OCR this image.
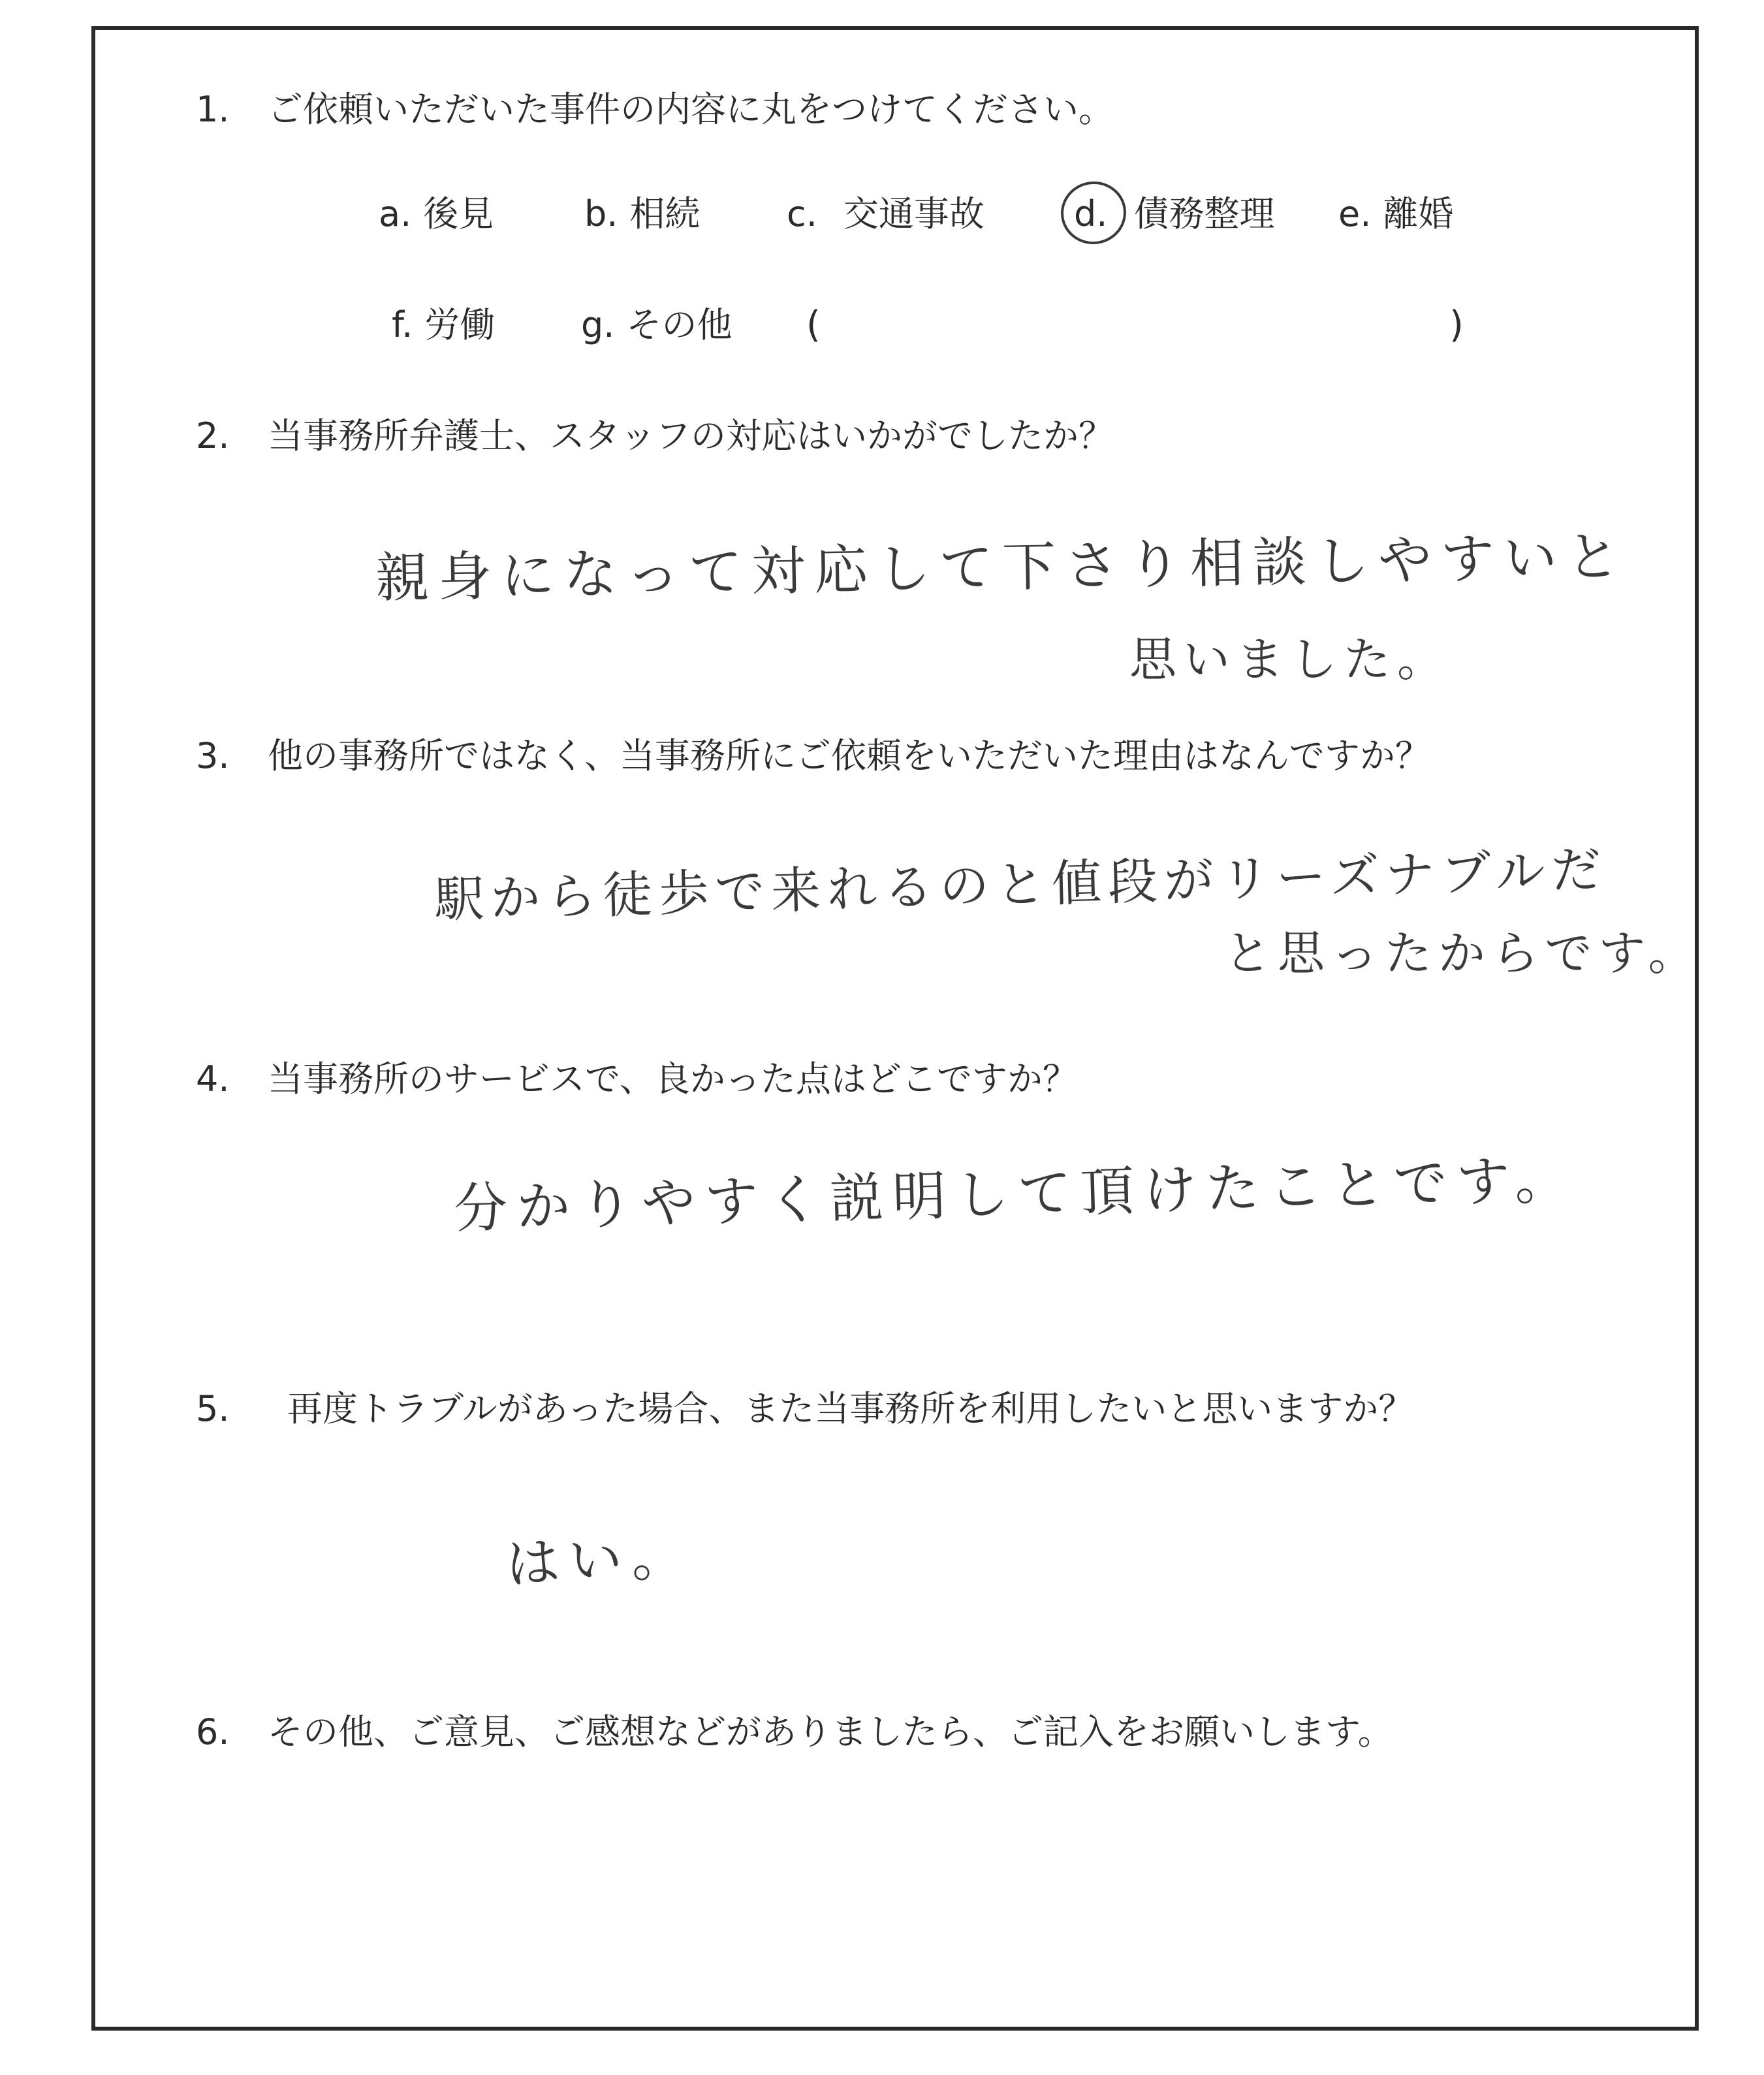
1. ご依頼いただいた事件の内容に丸をつけてください。
a. 後見	b. 相続 c. 交通事故	d. 債務整理 e. 離婚
f. 労働 g. その他 (	)
2. 当事務所弁護士、スタッフの対応はいかがでしたか？
親身になって対応して下さり相談しやすいと
思いました。
3. 他の事務所ではなく、当事務所にご依頼をいただいた理由はなんですか？
駅から徒歩で来れるのと値段がリーズナブルだ
と思ったからです。
4. 当事務所のサービスで、良かった点はどこですか？
分かりやすく説明して頂けたことです。
5. 再度トラブルがあった場合、また当事務所を利用したいと思いますか？
はい。
6. その他、ご意見、ご感想などがありましたら、ご記入をお願いします。
